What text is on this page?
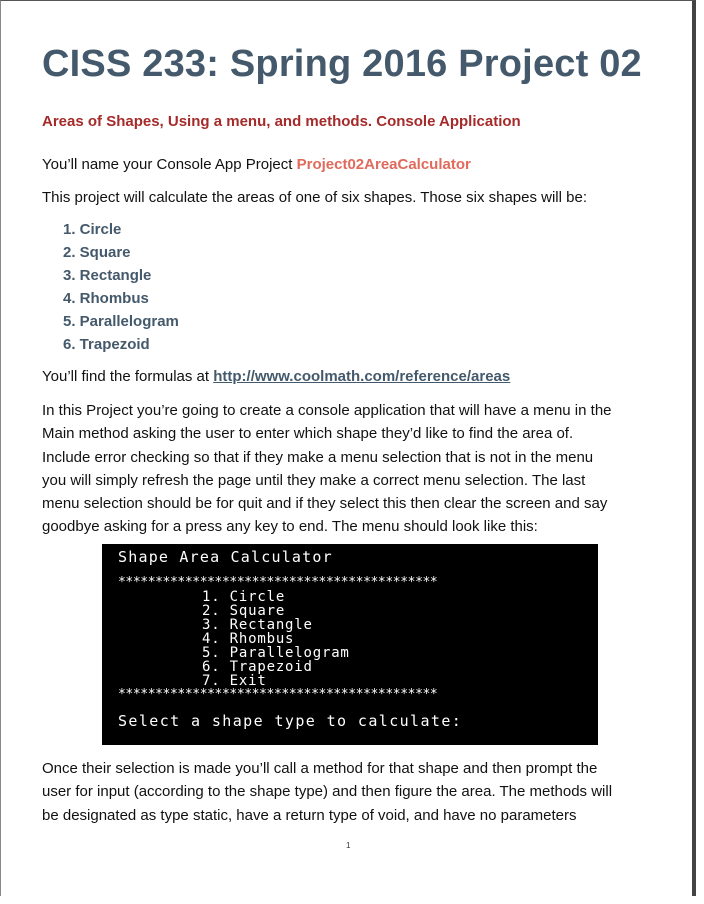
CISS 233: Spring 2016 Project 02
Areas of Shapes, Using a menu, and methods. Console Application

You’ll name your Console App Project Project02AreaCalculator

This project will calculate the areas of one of six shapes. Those six shapes will be:

1. Circle
2. Square
3. Rectangle
4. Rhombus
5. Parallelogram
6. Trapezoid

You’ll find the formulas at http://www.coolmath.com/reference/areas

In this Project you’re going to create a console application that will have a menu in the
Main method asking the user to enter which shape they’d like to find the area of.
Include error checking so that if they make a menu selection that is not in the menu
you will simply refresh the page until they make a correct menu selection. The last
menu selection should be for quit and if they select this then clear the screen and say
goodbye asking for a press any key to end. The menu should look like this:
Shape Area Calculator
*******************************************
1. Circle
2. Square
3. Rectangle
4. Rhombus
5. Parallelogram
6. Trapezoid
7. Exit
*******************************************
Select a shape type to calculate:
Once their selection is made you’ll call a method for that shape and then prompt the
user for input (according to the shape type) and then figure the area. The methods will
be designated as type static, have a return type of void, and have no parameters
1
